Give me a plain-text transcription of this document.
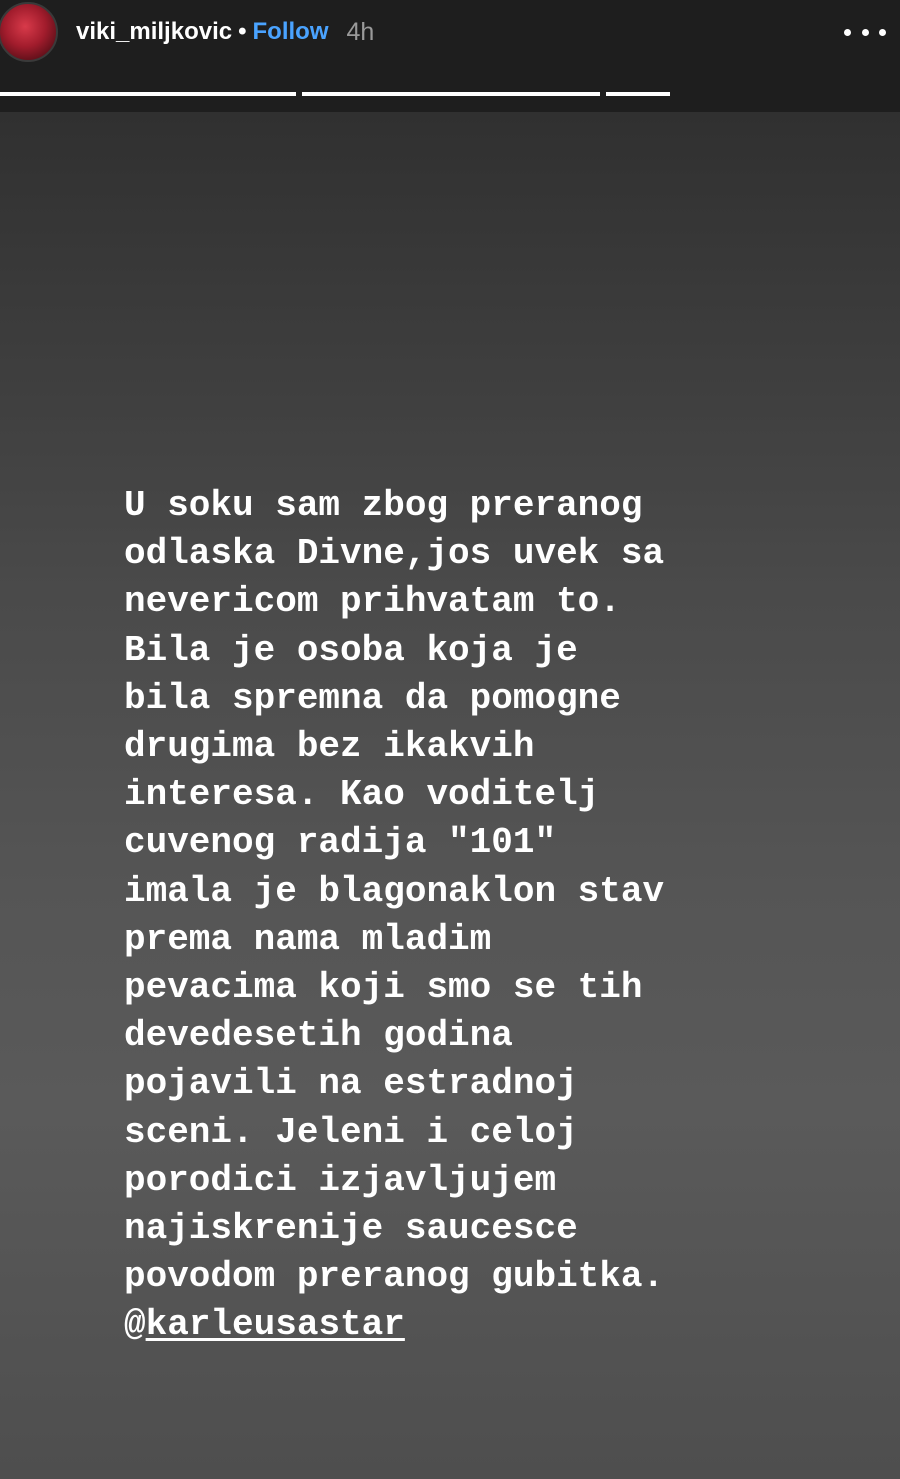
viki_miljkovic • Follow 4h
U soku sam zbog preranog
odlaska Divne,jos uvek sa
nevericom prihvatam to.
Bila je osoba koja je
bila spremna da pomogne
drugima bez ikakvih
interesa. Kao voditelj
cuvenog radija "101"
imala je blagonaklon stav
prema nama mladim
pevacima koji smo se tih
devedesetih godina
pojavili na estradnoj
sceni. Jeleni i celoj
porodici izjavljujem
najiskrenije saucesce
povodom preranog gubitka.
@karleusastar
